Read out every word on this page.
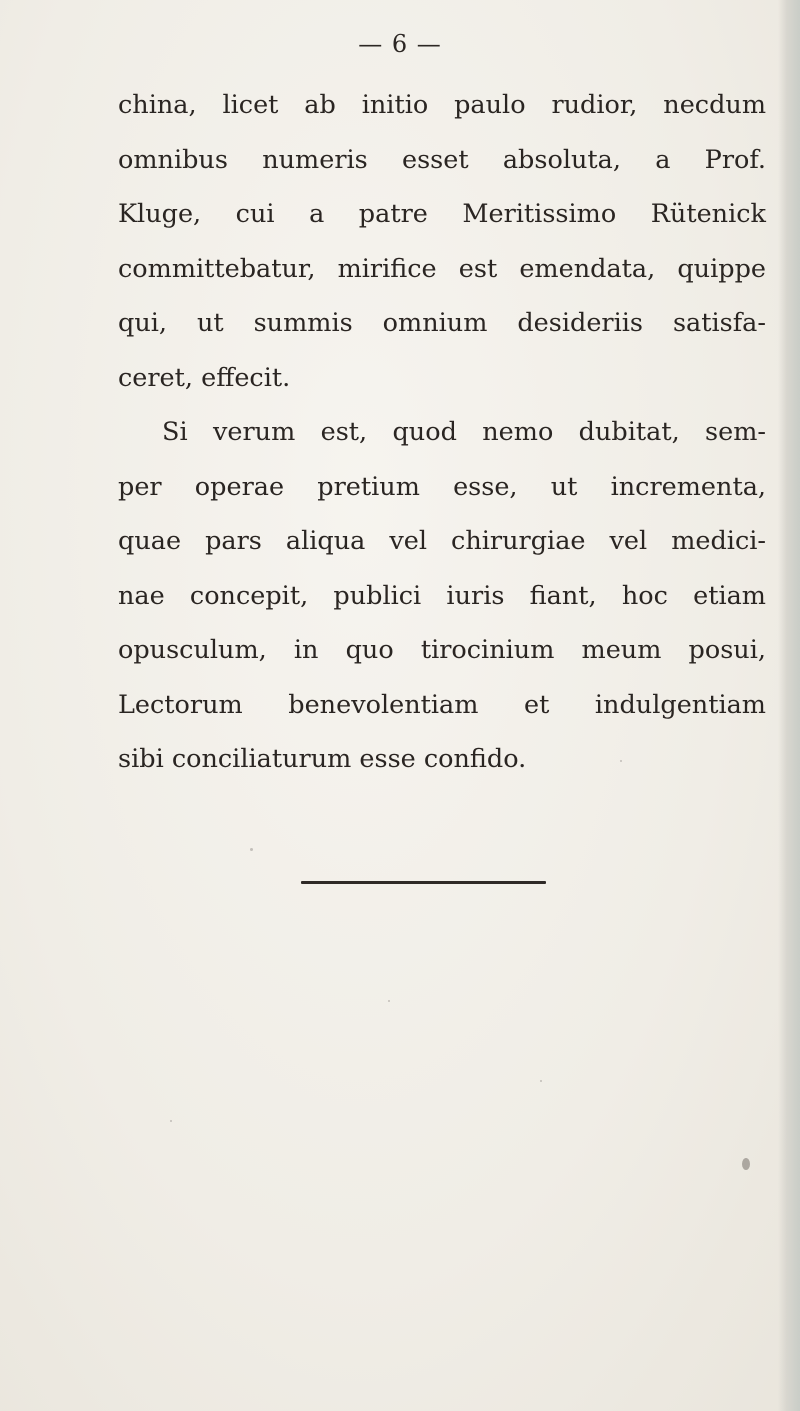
— 6 —
china, licet ab initio paulo rudior, necdum
omnibus numeris esset absoluta, a Prof.
Kluge, cui a patre Meritissimo Rütenick
committebatur, mirifice est emendata, quippe
qui, ut summis omnium desideriis satisfa-
ceret, effecit.
Si verum est, quod nemo dubitat, sem-
per operae pretium esse, ut incrementa,
quae pars aliqua vel chirurgiae vel medici-
nae concepit, publici iuris fiant, hoc etiam
opusculum, in quo tirocinium meum posui,
Lectorum benevolentiam et indulgentiam
sibi conciliaturum esse confido.
